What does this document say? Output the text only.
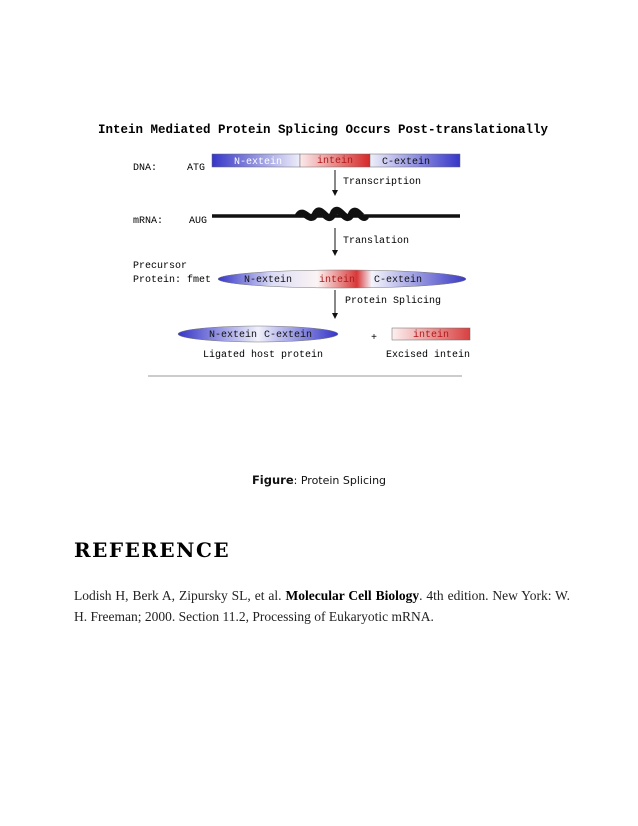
Intein Mediated Protein Splicing Occurs Post-translationally
DNA:	ATG
N-extein	intein	C-extein
Transcription
mRNA:	AUG
Translation
Precursor
Protein: fmet	N-extein	intein C-extein
Protein Splicing
N-extein C-extein
Ligated host protein
+	intein
Excised intein
Figure: Protein Splicing
REFERENCE

Lodish H, Berk A, Zipursky SL, et al. Molecular Cell Biology. 4th edition. New York: W. H. Freeman; 2000. Section 11.2, Processing of Eukaryotic mRNA.
